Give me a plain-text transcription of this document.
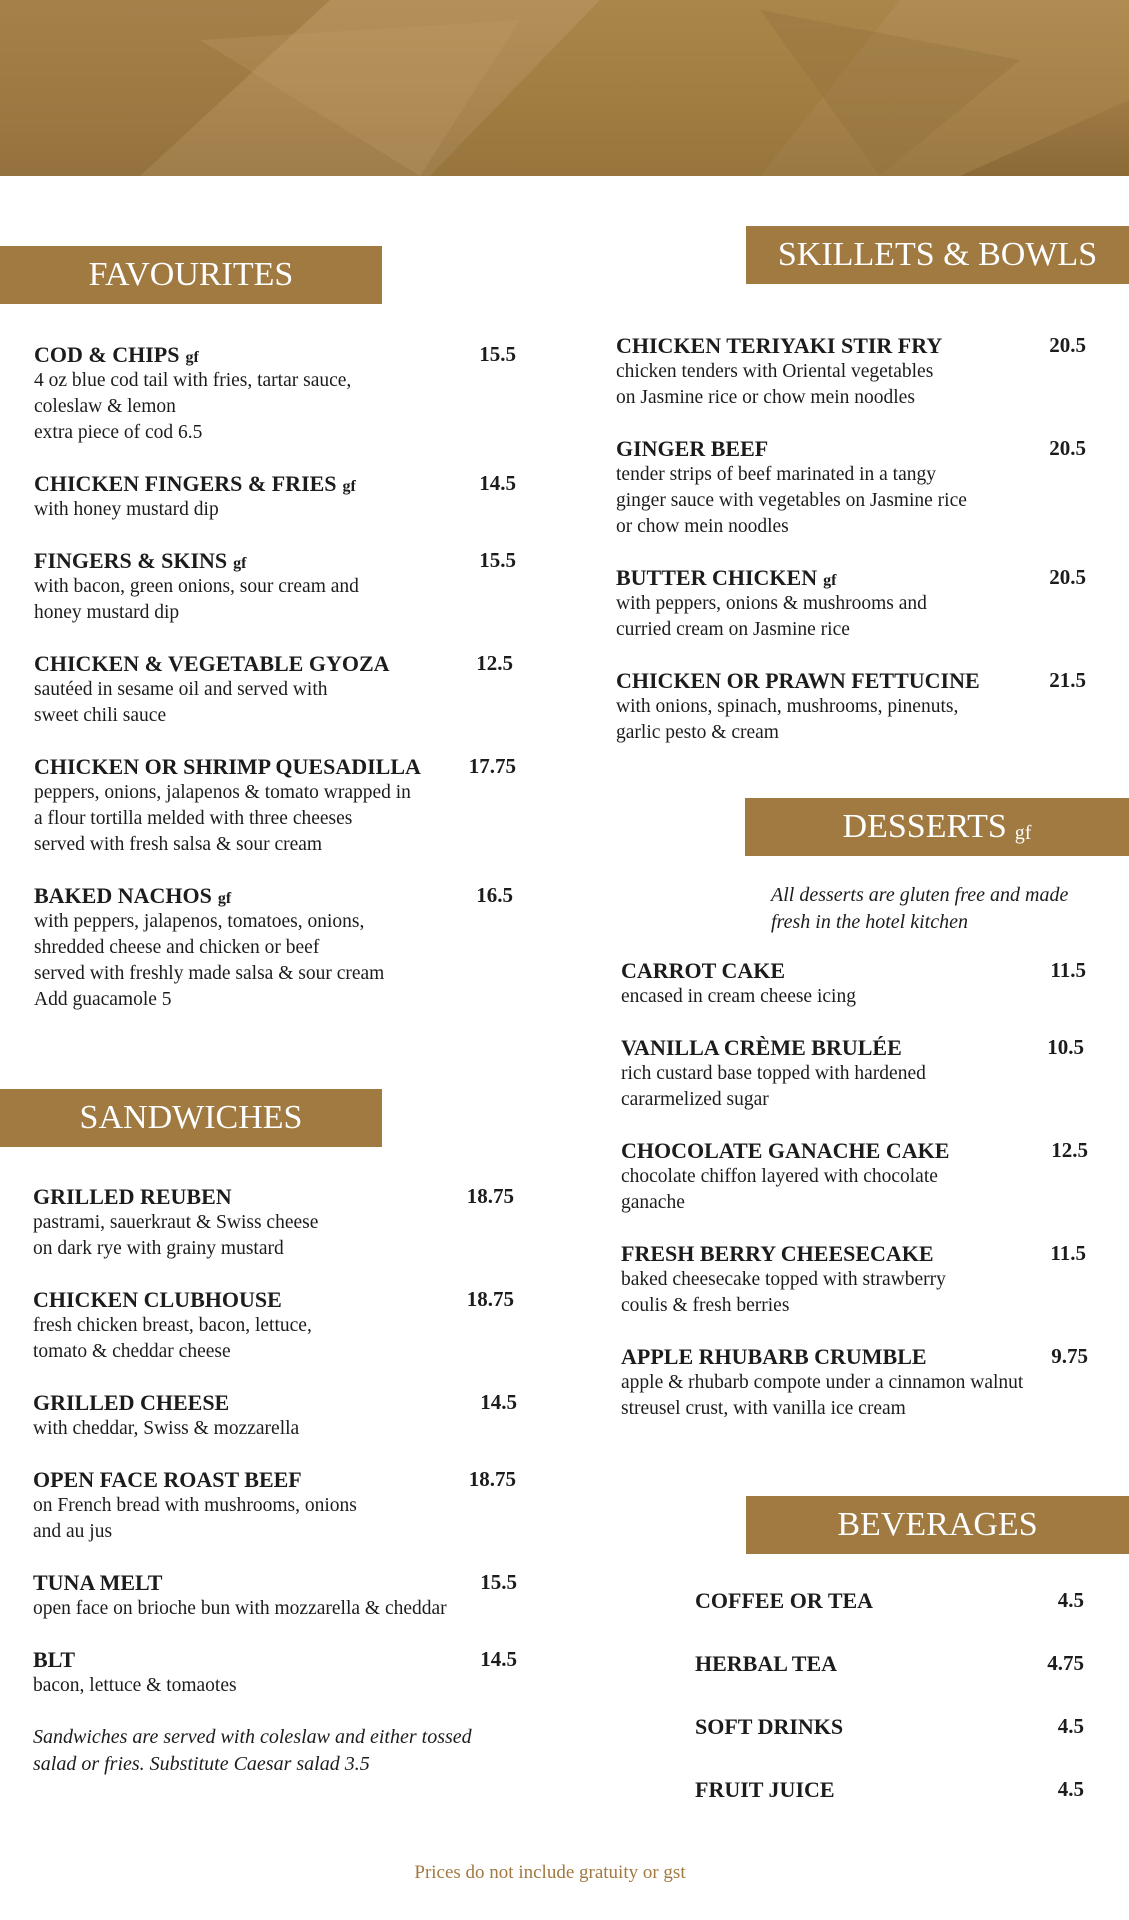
FAVOURITES
COD & CHIPS gf	15.5
4 oz blue cod tail with fries, tartar sauce,
coleslaw & lemon
extra piece of cod 6.5
CHICKEN FINGERS & FRIES gf	14.5
with honey mustard dip
FINGERS & SKINS gf	15.5
with bacon, green onions, sour cream and
honey mustard dip
CHICKEN & VEGETABLE GYOZA	12.5
sautéed in sesame oil and served with
sweet chili sauce
CHICKEN OR SHRIMP QUESADILLA 17.75
peppers, onions, jalapenos & tomato wrapped in
a flour tortilla melded with three cheeses
served with fresh salsa & sour cream
BAKED NACHOS gf	16.5
with peppers, jalapenos, tomatoes, onions,
shredded cheese and chicken or beef
served with freshly made salsa & sour cream
Add guacamole 5
SANDWICHES
GRILLED REUBEN	18.75
pastrami, sauerkraut & Swiss cheese
on dark rye with grainy mustard
CHICKEN CLUBHOUSE	18.75
fresh chicken breast, bacon, lettuce,
tomato & cheddar cheese
GRILLED CHEESE	14.5
with cheddar, Swiss & mozzarella
OPEN FACE ROAST BEEF	18.75
on French bread with mushrooms, onions
and au jus
TUNA MELT	15.5
open face on brioche bun with mozzarella & cheddar
BLT	14.5
bacon, lettuce & tomaotes
Sandwiches are served with coleslaw and either tossed
salad or fries. Substitute Caesar salad 3.5
SKILLETS & BOWLS
CHICKEN TERIYAKI STIR FRY	20.5
chicken tenders with Oriental vegetables
on Jasmine rice or chow mein noodles
GINGER BEEF	20.5
tender strips of beef marinated in a tangy
ginger sauce with vegetables on Jasmine rice
or chow mein noodles
BUTTER CHICKEN gf	20.5
with peppers, onions & mushrooms and
curried cream on Jasmine rice
CHICKEN OR PRAWN FETTUCINE	21.5
with onions, spinach, mushrooms, pinenuts,
garlic pesto & cream
DESSERTS gf
All desserts are gluten free and made
fresh in the hotel kitchen
CARROT CAKE	11.5
encased in cream cheese icing
VANILLA CRÈME BRULÉE	10.5
rich custard base topped with hardened
cararmelized sugar
CHOCOLATE GANACHE CAKE	12.5
chocolate chiffon layered with chocolate
ganache
FRESH BERRY CHEESECAKE	11.5
baked cheesecake topped with strawberry
coulis & fresh berries
APPLE RHUBARB CRUMBLE	9.75
apple & rhubarb compote under a cinnamon walnut
streusel crust, with vanilla ice cream
BEVERAGES
COFFEE OR TEA	4.5
HERBAL TEA	4.75
SOFT DRINKS	4.5
FRUIT JUICE	4.5
Prices do not include gratuity or gst
